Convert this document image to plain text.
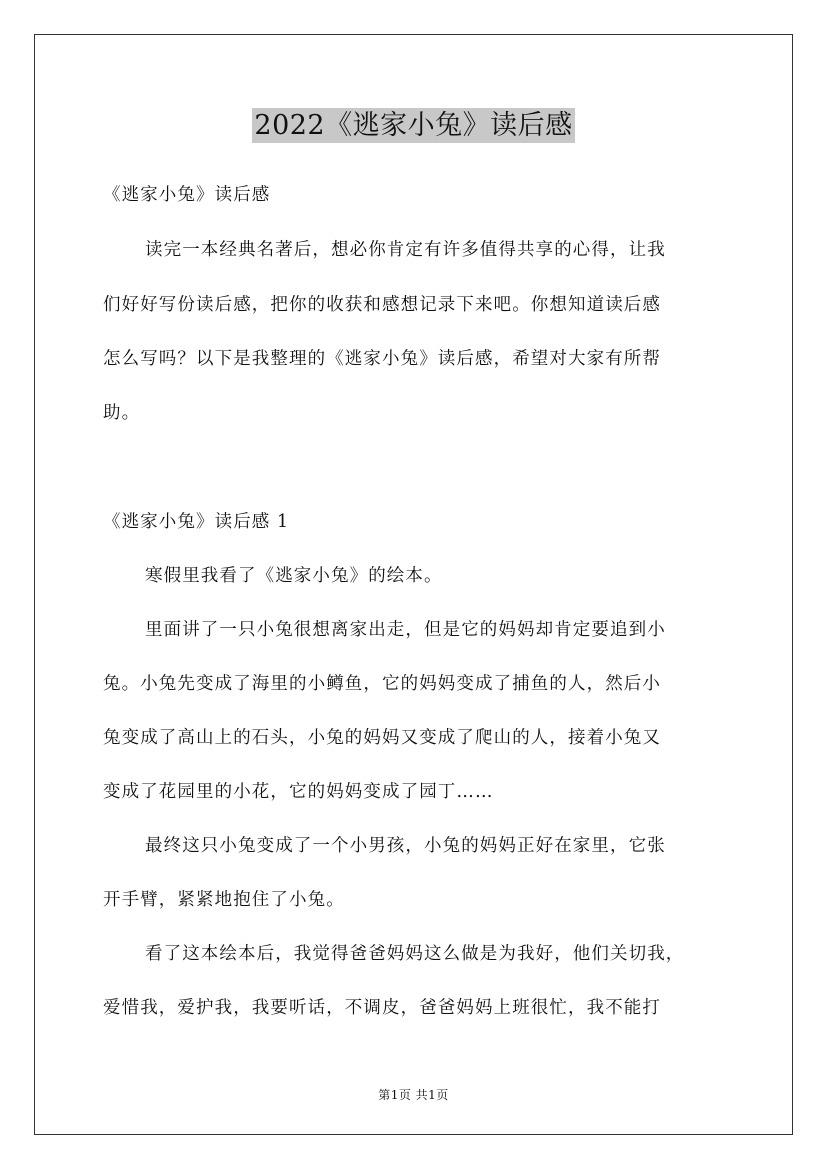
2022《逃家小兔》读后感
《逃家小兔》读后感
读完一本经典名著后，想必你肯定有许多值得共享的心得，让我
们好好写份读后感，把你的收获和感想记录下来吧。你想知道读后感
怎么写吗？以下是我整理的《逃家小兔》读后感，希望对大家有所帮
助。
《逃家小兔》读后感 1
寒假里我看了《逃家小兔》的绘本。
里面讲了一只小兔很想离家出走，但是它的妈妈却肯定要追到小
兔。小兔先变成了海里的小鳟鱼，它的妈妈变成了捕鱼的人，然后小
兔变成了高山上的石头，小兔的妈妈又变成了爬山的人，接着小兔又
变成了花园里的小花，它的妈妈变成了园丁……
最终这只小兔变成了一个小男孩，小兔的妈妈正好在家里，它张
开手臂，紧紧地抱住了小兔。
看了这本绘本后，我觉得爸爸妈妈这么做是为我好，他们关切我，
爱惜我，爱护我，我要听话，不调皮，爸爸妈妈上班很忙，我不能打
第1页 共1页
